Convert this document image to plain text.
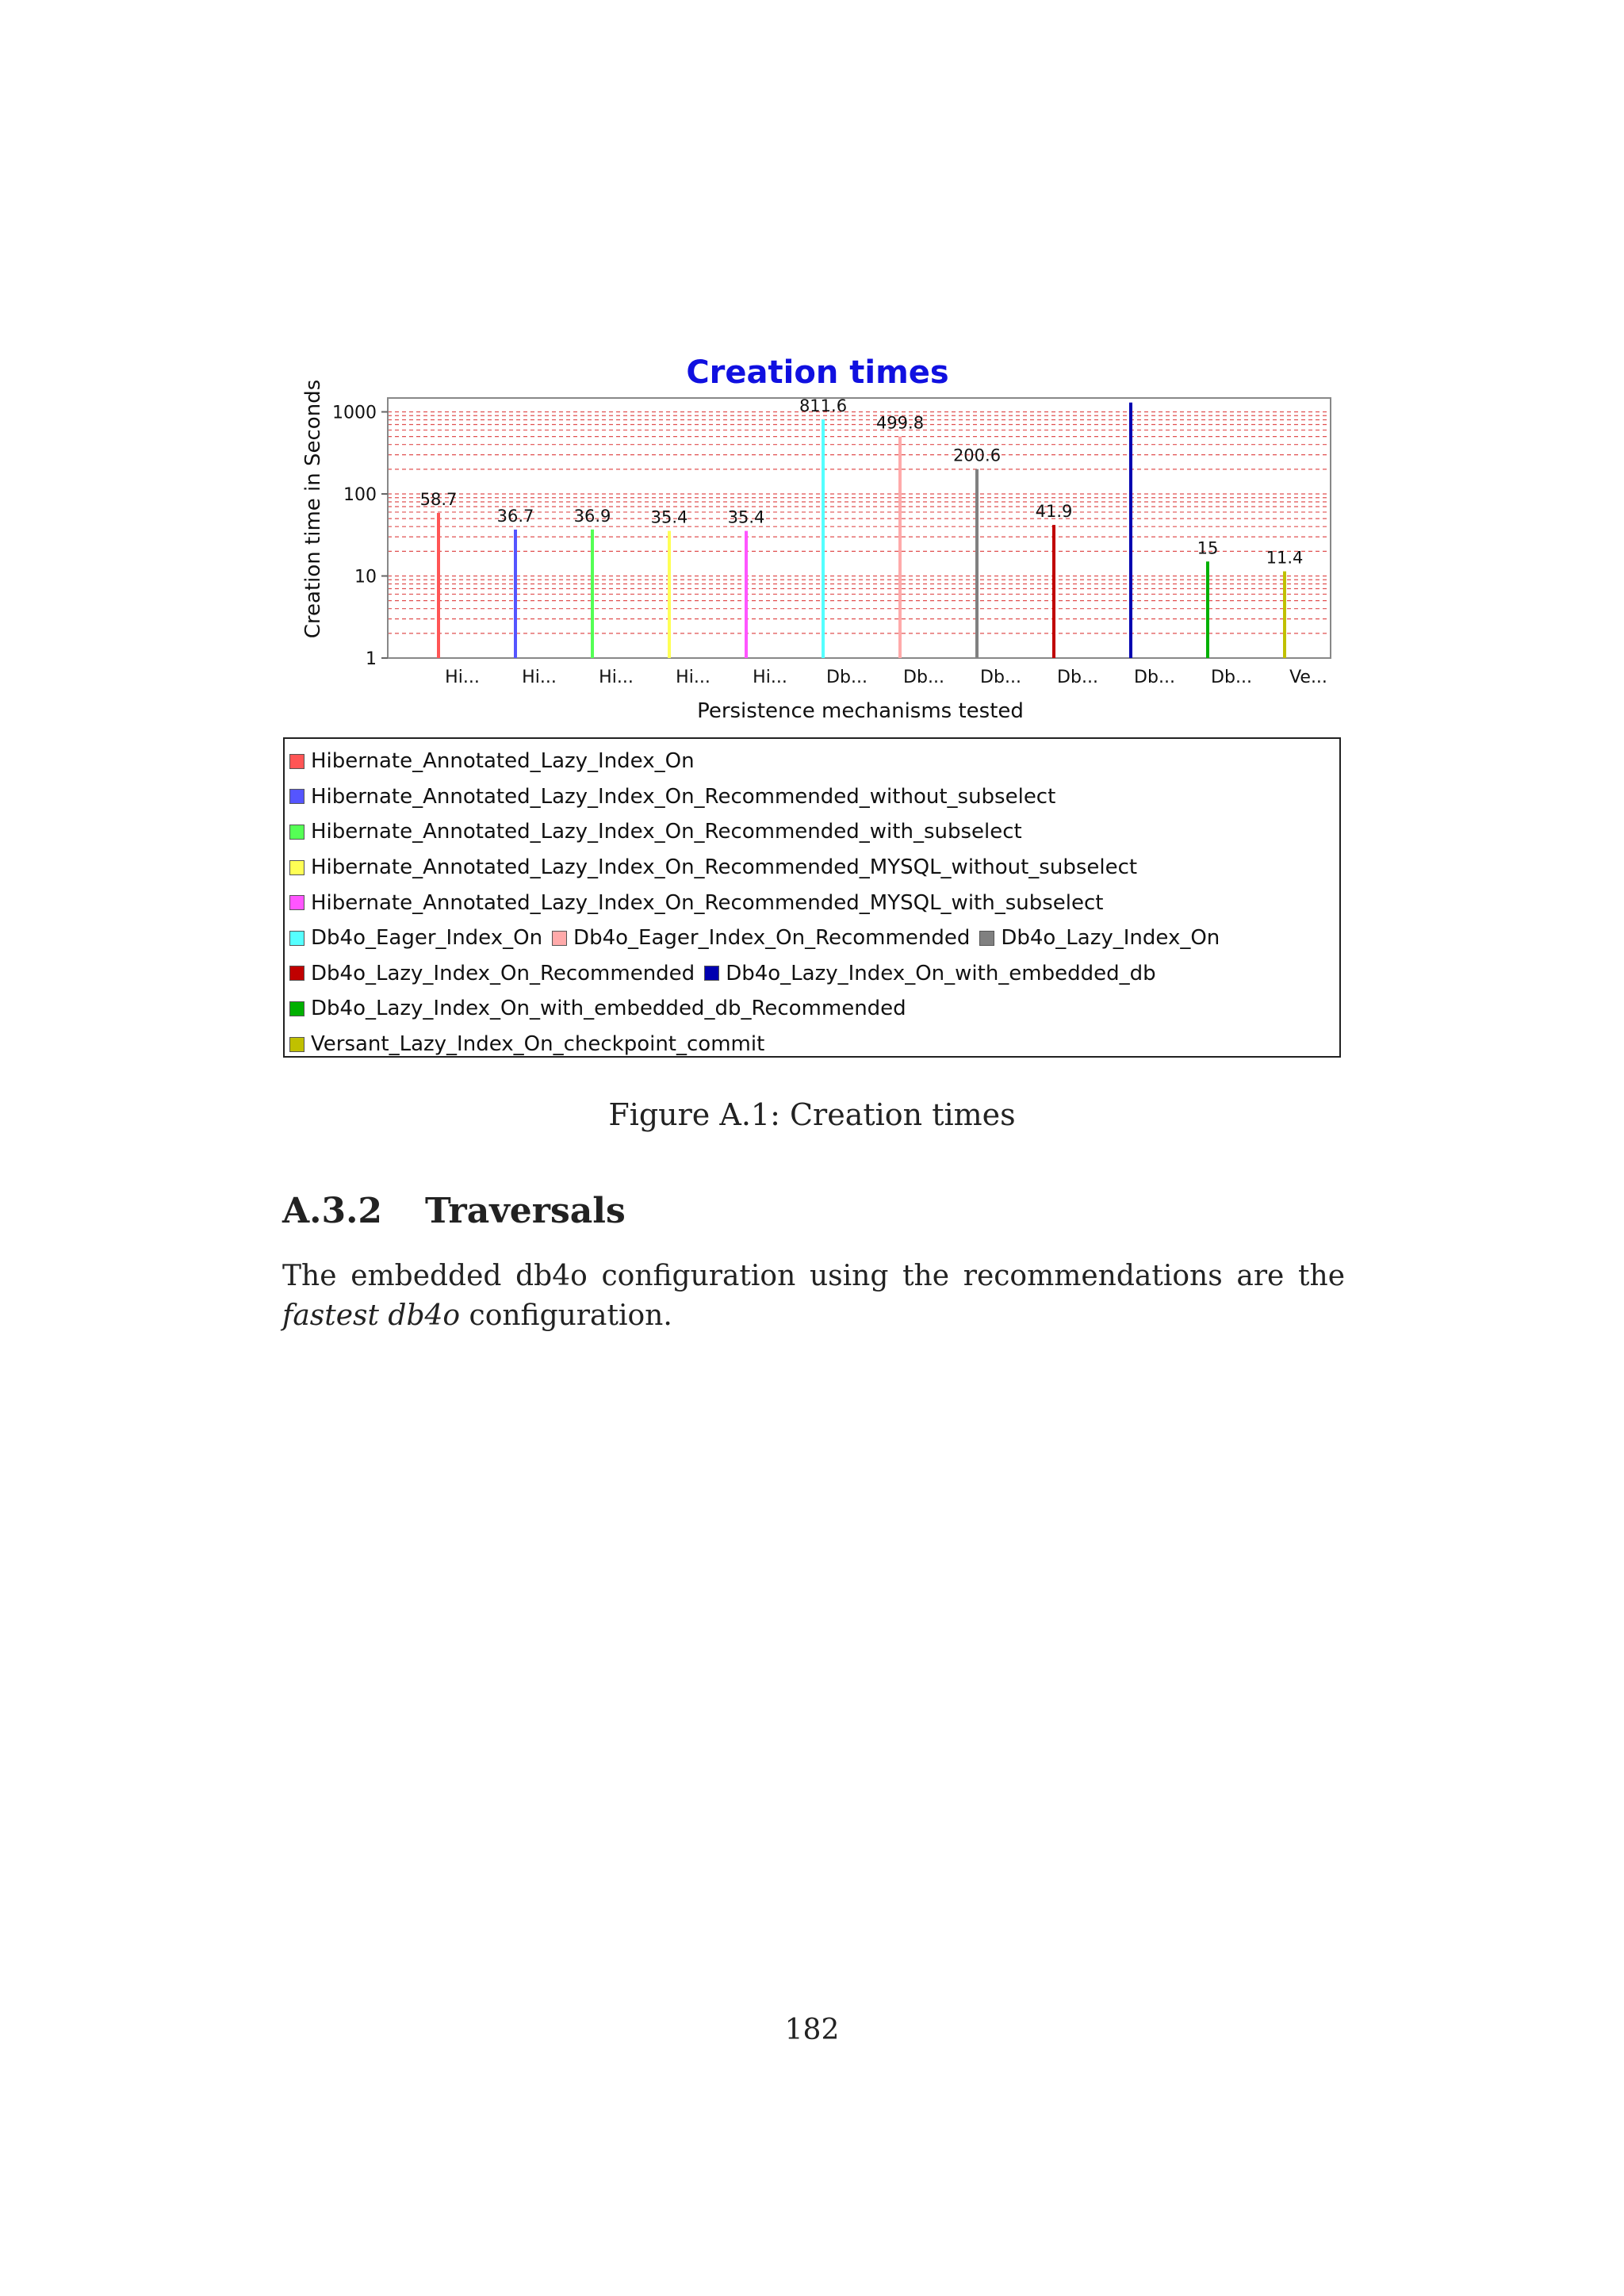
Creation times
Creation time in Seconds
Persistence mechanisms tested
1000
100
10
1
58.7
36.7 36.9 35.4 35.4
811.6
499.8
200.6
41.9
15
11.4
Hi... Hi... Hi... Hi... Hi... Db... Db... Db... Db... Db... Db... Ve...
Hibernate_Annotated_Lazy_Index_On
Hibernate_Annotated_Lazy_Index_On_Recommended_without_subselect
Hibernate_Annotated_Lazy_Index_On_Recommended_with_subselect
Hibernate_Annotated_Lazy_Index_On_Recommended_MYSQL_without_subselect
Hibernate_Annotated_Lazy_Index_On_Recommended_MYSQL_with_subselect
Db4o_Eager_Index_On Db4o_Eager_Index_On_Recommended Db4o_Lazy_Index_On
Db4o_Lazy_Index_On_Recommended Db4o_Lazy_Index_On_with_embedded_db
Db4o_Lazy_Index_On_with_embedded_db_Recommended
Versant_Lazy_Index_On_checkpoint_commit
Figure A.1: Creation times
A.3.2 Traversals
The embedded db4o configuration using the recommendations are the fastest db4o configuration.
182
